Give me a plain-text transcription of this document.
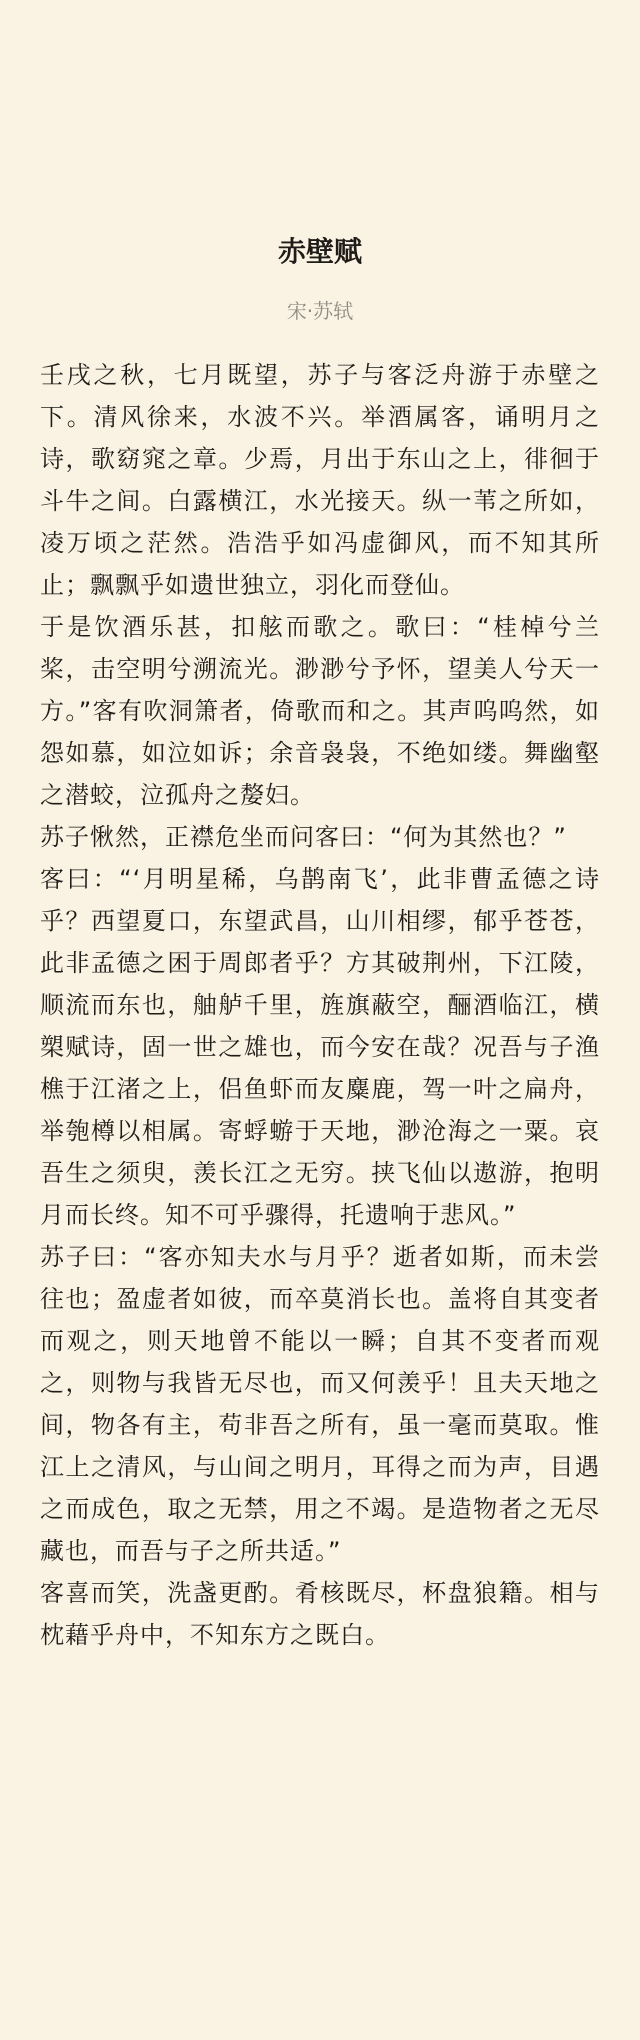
赤壁赋
宋·苏轼

壬戌之秋，七月既望，苏子与客泛舟游于赤壁之下。清风徐来，水波不兴。举酒属客，诵明月之诗，歌窈窕之章。少焉，月出于东山之上，徘徊于斗牛之间。白露横江，水光接天。纵一苇之所如，凌万顷之茫然。浩浩乎如冯虚御风，而不知其所止；飘飘乎如遗世独立，羽化而登仙。

于是饮酒乐甚，扣舷而歌之。歌曰：“桂棹兮兰桨，击空明兮溯流光。渺渺兮予怀，望美人兮天一方。”客有吹洞箫者，倚歌而和之。其声呜呜然，如怨如慕，如泣如诉；余音袅袅，不绝如缕。舞幽壑之潜蛟，泣孤舟之嫠妇。

苏子愀然，正襟危坐而问客曰：“何为其然也？”

客曰：“‘月明星稀，乌鹊南飞’，此非曹孟德之诗乎？西望夏口，东望武昌，山川相缪，郁乎苍苍，此非孟德之困于周郎者乎？方其破荆州，下江陵，顺流而东也，舳舻千里，旌旗蔽空，酾酒临江，横槊赋诗，固一世之雄也，而今安在哉？况吾与子渔樵于江渚之上，侣鱼虾而友麋鹿，驾一叶之扁舟，举匏樽以相属。寄蜉蝣于天地，渺沧海之一粟。哀吾生之须臾，羡长江之无穷。挟飞仙以遨游，抱明月而长终。知不可乎骤得，托遗响于悲风。”

苏子曰：“客亦知夫水与月乎？逝者如斯，而未尝往也；盈虚者如彼，而卒莫消长也。盖将自其变者而观之，则天地曾不能以一瞬；自其不变者而观之，则物与我皆无尽也，而又何羡乎！且夫天地之间，物各有主，苟非吾之所有，虽一毫而莫取。惟江上之清风，与山间之明月，耳得之而为声，目遇之而成色，取之无禁，用之不竭。是造物者之无尽藏也，而吾与子之所共适。”

客喜而笑，洗盏更酌。肴核既尽，杯盘狼籍。相与枕藉乎舟中，不知东方之既白。
